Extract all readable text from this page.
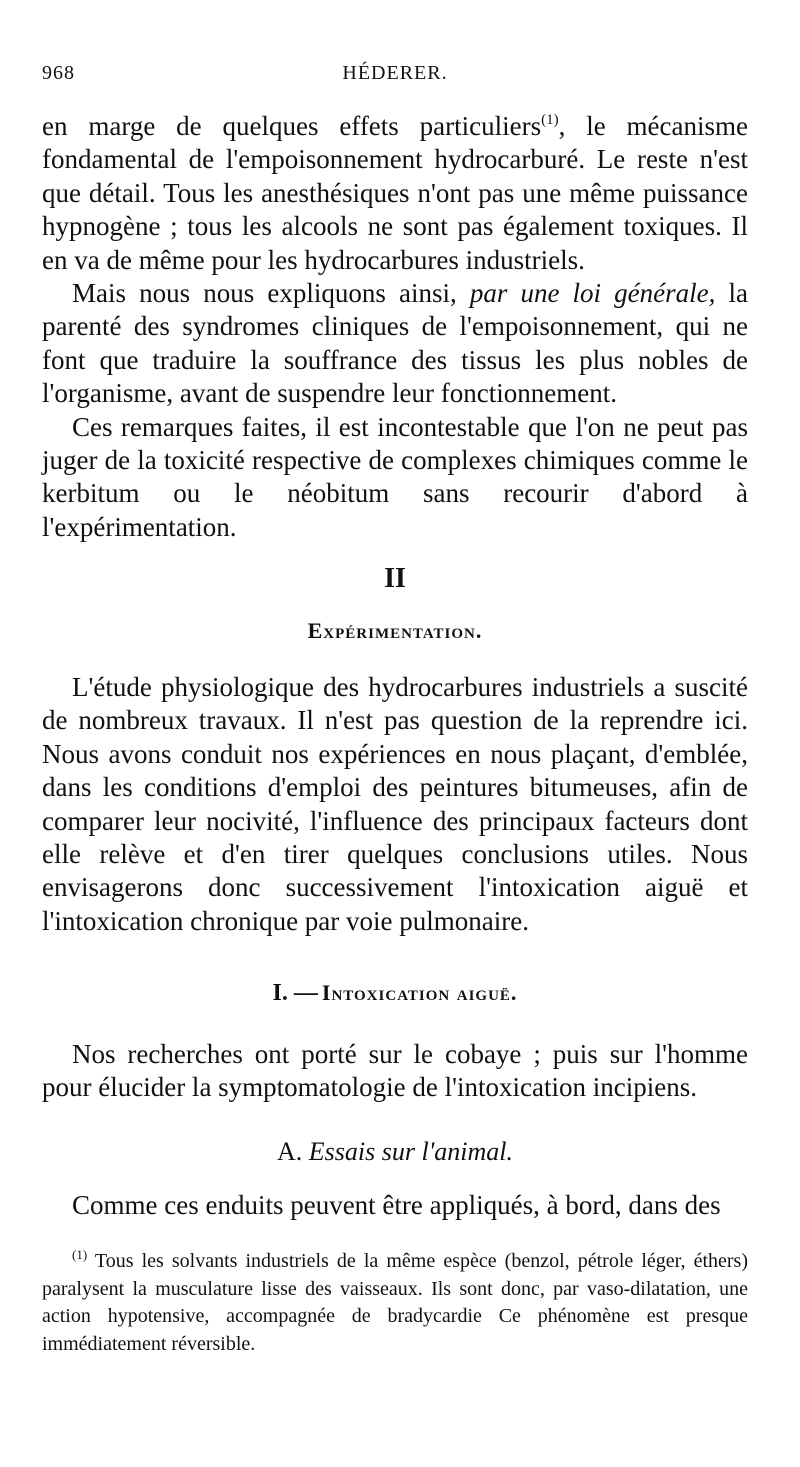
968	HÉDERER.

en marge de quelques effets particuliers$^{(1)}$, le mécanisme fondamental de l'empoisonnement hydrocarburé. Le reste n'est que détail. Tous les anesthésiques n'ont pas une même puissance hypnogène ; tous les alcools ne sont pas également toxiques. Il en va de même pour les hydrocarbures industriels.

Mais nous nous expliquons ainsi, par une loi générale, la parenté des syndromes cliniques de l'empoisonnement, qui ne font que traduire la souffrance des tissus les plus nobles de l'organisme, avant de suspendre leur fonctionnement.

Ces remarques faites, il est incontestable que l'on ne peut pas juger de la toxicité respective de complexes chimiques comme le kerbitum ou le néobitum sans recourir d'abord à l'expérimentation.

II
Expérimentation.

L'étude physiologique des hydrocarbures industriels a suscité de nombreux travaux. Il n'est pas question de la reprendre ici. Nous avons conduit nos expériences en nous plaçant, d'emblée, dans les conditions d'emploi des peintures bitumeuses, afin de comparer leur nocivité, l'influence des principaux facteurs dont elle relève et d'en tirer quelques conclusions utiles. Nous envisagerons donc successivement l'intoxication aiguë et l'intoxication chronique par voie pulmonaire.

I. — Intoxication aiguë.

Nos recherches ont porté sur le cobaye ; puis sur l'homme pour élucider la symptomatologie de l'intoxication incipiens.

A. Essais sur l'animal.

Comme ces enduits peuvent être appliqués, à bord, dans des

$^{(1)}$ Tous les solvants industriels de la même espèce (benzol, pétrole léger, éthers) paralysent la musculature lisse des vaisseaux. Ils sont donc, par vaso-dilatation, une action hypotensive, accompagnée de bradycardie Ce phénomène est presque immédiatement réversible.
